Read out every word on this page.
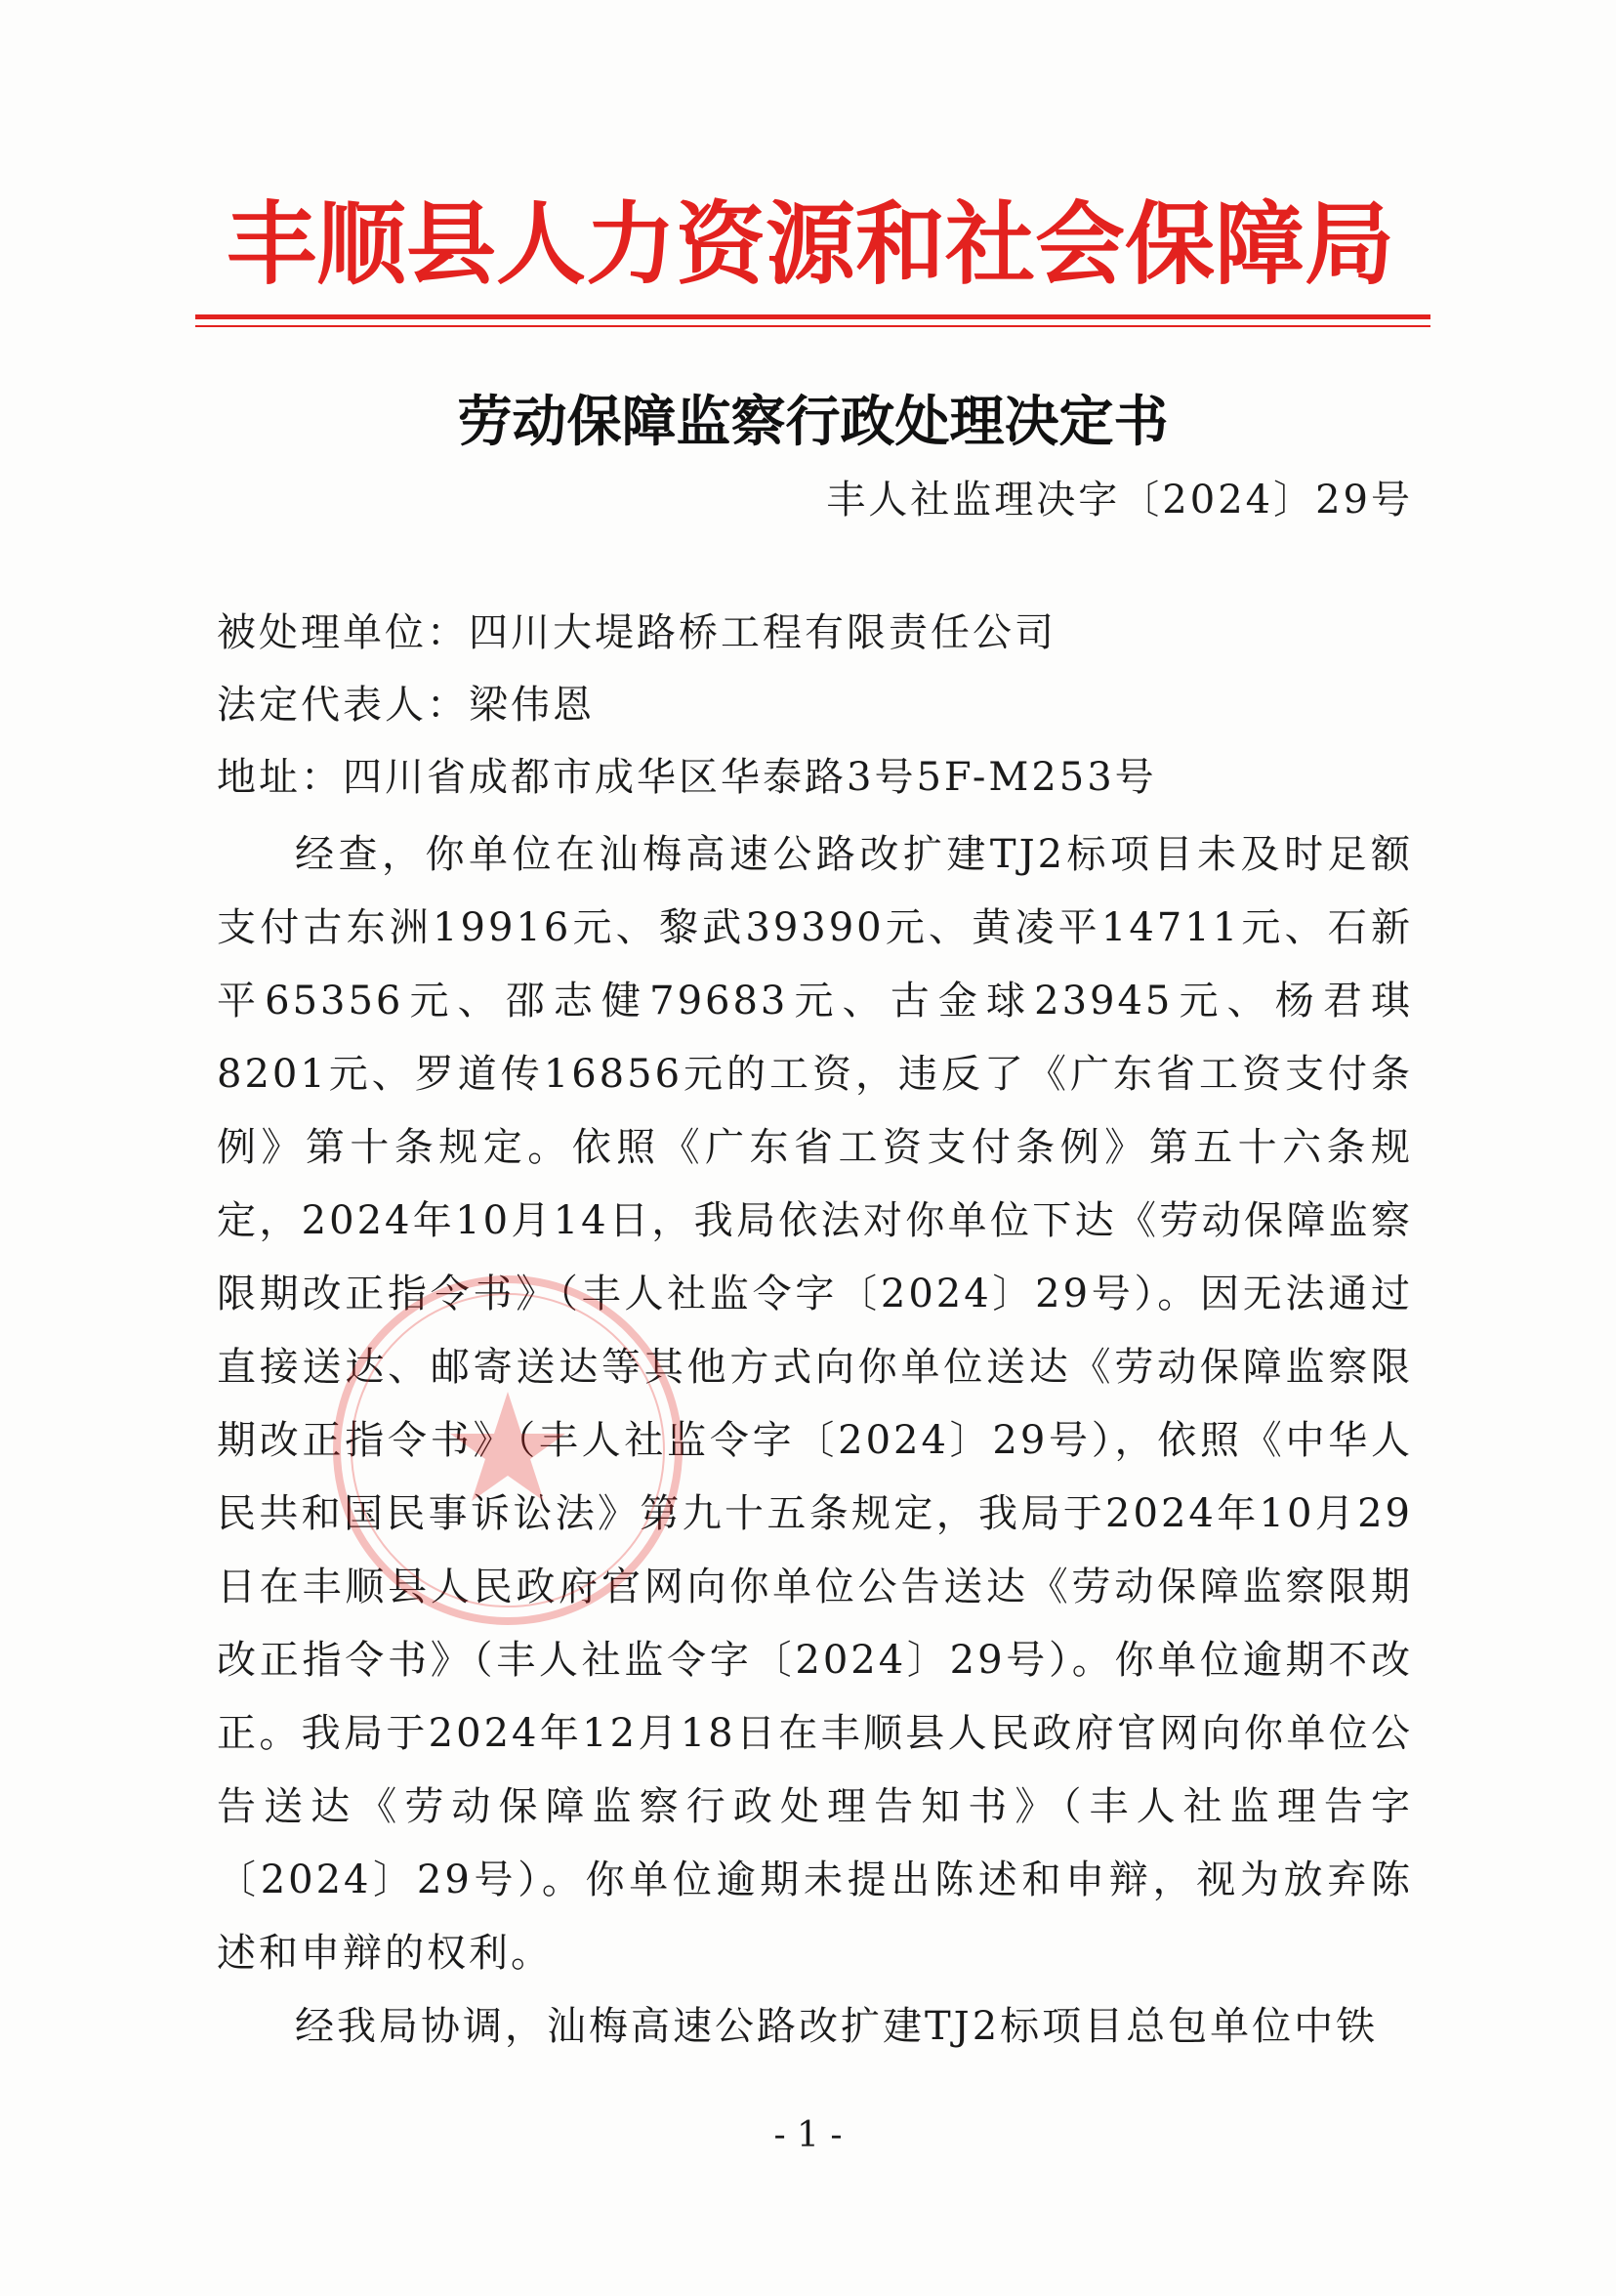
丰顺县人力资源和社会保障局
劳动保障监察行政处理决定书
丰人社监理决字〔2024〕29号
被处理单位：四川大堤路桥工程有限责任公司
法定代表人：梁伟恩
地址：四川省成都市成华区华泰路3号5F-M253号

经查，你单位在汕梅高速公路改扩建TJ2标项目未及时足额支付古东洲19916元、黎武39390元、黄凌平14711元、石新平65356元、邵志健79683元、古金球23945元、杨君琪8201元、罗道传16856元的工资，违反了《广东省工资支付条例》第十条规定。依照《广东省工资支付条例》第五十六条规定，2024年10月14日，我局依法对你单位下达《劳动保障监察限期改正指令书》（丰人社监令字〔2024〕29号）。因无法通过直接送达、邮寄送达等其他方式向你单位送达《劳动保障监察限期改正指令书》（丰人社监令字〔2024〕29号），依照《中华人民共和国民事诉讼法》第九十五条规定，我局于2024年10月29日在丰顺县人民政府官网向你单位公告送达《劳动保障监察限期改正指令书》（丰人社监令字〔2024〕29号）。你单位逾期不改正。我局于2024年12月18日在丰顺县人民政府官网向你单位公告送达《劳动保障监察行政处理告知书》（丰人社监理告字〔2024〕29号）。你单位逾期未提出陈述和申辩，视为放弃陈述和申辩的权利。

经我局协调，汕梅高速公路改扩建TJ2标项目总包单位中铁

- 1 -
